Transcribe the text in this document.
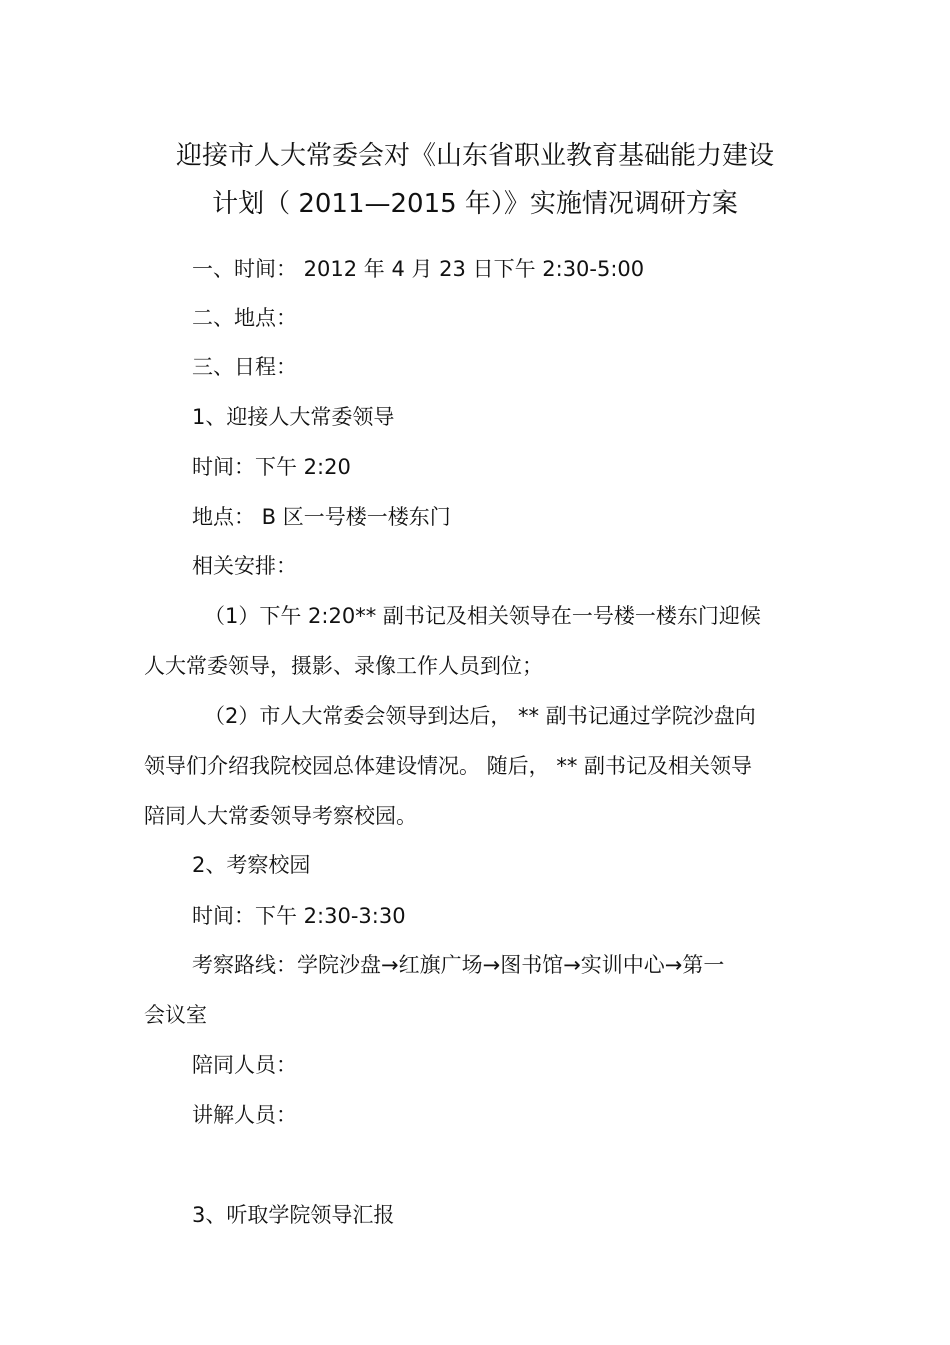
迎接市人大常委会对《山东省职业教育基础能力建设
计划（ 2011—2015 年）》实施情况调研方案
一、时间： 2012 年 4 月 23 日下午 2:30-5:00
二、地点：
三、日程：
1、迎接人大常委领导
时间：下午 2:20
地点： B 区一号楼一楼东门
相关安排：
（1）下午 2:20** 副书记及相关领导在一号楼一楼东门迎候
人大常委领导，摄影、录像工作人员到位；
（2）市人大常委会领导到达后， ** 副书记通过学院沙盘向
领导们介绍我院校园总体建设情况。 随后， ** 副书记及相关领导
陪同人大常委领导考察校园。
2、考察校园
时间：下午 2:30-3:30
考察路线：学院沙盘→红旗广场→图书馆→实训中心→第一
会议室
陪同人员：
讲解人员：
3、听取学院领导汇报
